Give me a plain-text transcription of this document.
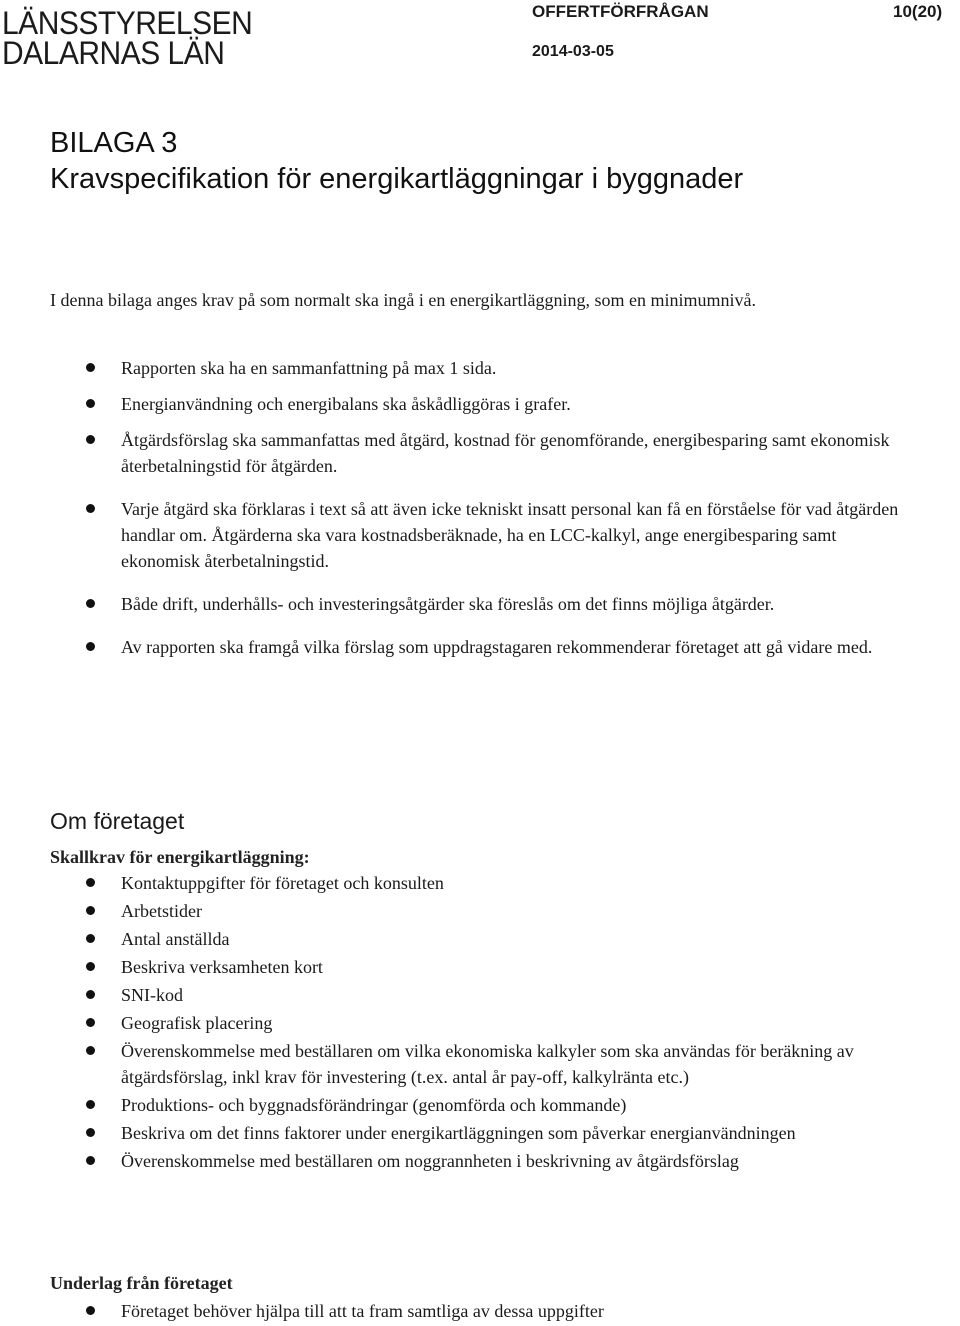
LÄNSSTYRELSEN
DALARNAS LÄN
OFFERTFÖRFRÅGAN	10(20)
2014-03-05
BILAGA 3
Kravspecifikation för energikartläggningar i byggnader

I denna bilaga anges krav på som normalt ska ingå i en energikartläggning, som en minimumnivå.

Rapporten ska ha en sammanfattning på max 1 sida.
Energianvändning och energibalans ska åskådliggöras i grafer.
Åtgärdsförslag ska sammanfattas med åtgärd, kostnad för genomförande, energibesparing samt ekonomisk återbetalningstid för åtgärden.
Varje åtgärd ska förklaras i text så att även icke tekniskt insatt personal kan få en förståelse för vad åtgärden handlar om. Åtgärderna ska vara kostnadsberäknade, ha en LCC-kalkyl, ange energibesparing samt ekonomisk återbetalningstid.
Både drift, underhålls- och investeringsåtgärder ska föreslås om det finns möjliga åtgärder.
Av rapporten ska framgå vilka förslag som uppdragstagaren rekommenderar företaget att gå vidare med.
Om företaget

Skallkrav för energikartläggning:

Kontaktuppgifter för företaget och konsulten
Arbetstider
Antal anställda
Beskriva verksamheten kort
SNI-kod
Geografisk placering
Överenskommelse med beställaren om vilka ekonomiska kalkyler som ska användas för beräkning av åtgärdsförslag, inkl krav för investering (t.ex. antal år pay-off, kalkylränta etc.)
Produktions- och byggnadsförändringar (genomförda och kommande)
Beskriva om det finns faktorer under energikartläggningen som påverkar energianvändningen
Överenskommelse med beställaren om noggrannheten i beskrivning av åtgärdsförslag

Underlag från företaget

Företaget behöver hjälpa till att ta fram samtliga av dessa uppgifter
